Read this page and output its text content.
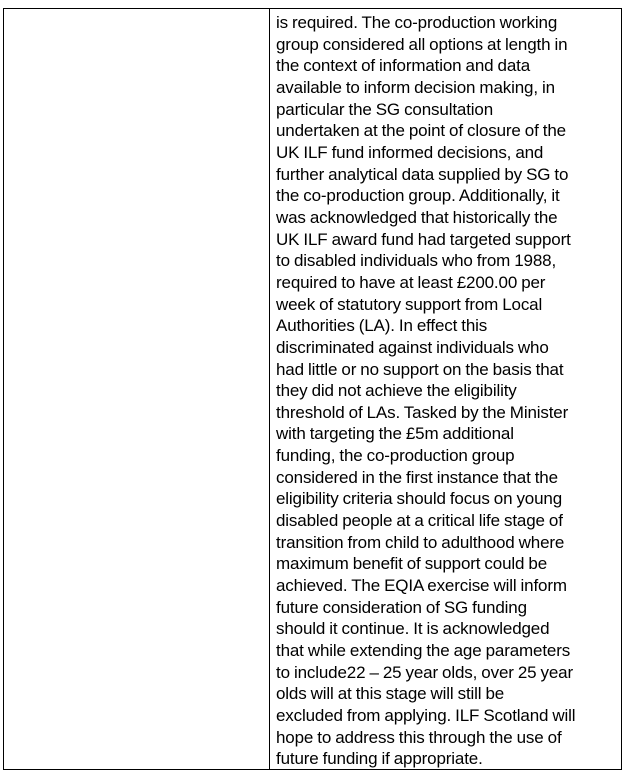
is required. The co-production working
group considered all options at length in
the context of information and data
available to inform decision making, in
particular the SG consultation
undertaken at the point of closure of the
UK ILF fund informed decisions, and
further analytical data supplied by SG to
the co-production group. Additionally, it
was acknowledged that historically the
UK ILF award fund had targeted support
to disabled individuals who from 1988,
required to have at least £200.00 per
week of statutory support from Local
Authorities (LA). In effect this
discriminated against individuals who
had little or no support on the basis that
they did not achieve the eligibility
threshold of LAs. Tasked by the Minister
with targeting the £5m additional
funding, the co-production group
considered in the first instance that the
eligibility criteria should focus on young
disabled people at a critical life stage of
transition from child to adulthood where
maximum benefit of support could be
achieved. The EQIA exercise will inform
future consideration of SG funding
should it continue. It is acknowledged
that while extending the age parameters
to include22 – 25 year olds, over 25 year
olds will at this stage will still be
excluded from applying. ILF Scotland will
hope to address this through the use of
future funding if appropriate.
